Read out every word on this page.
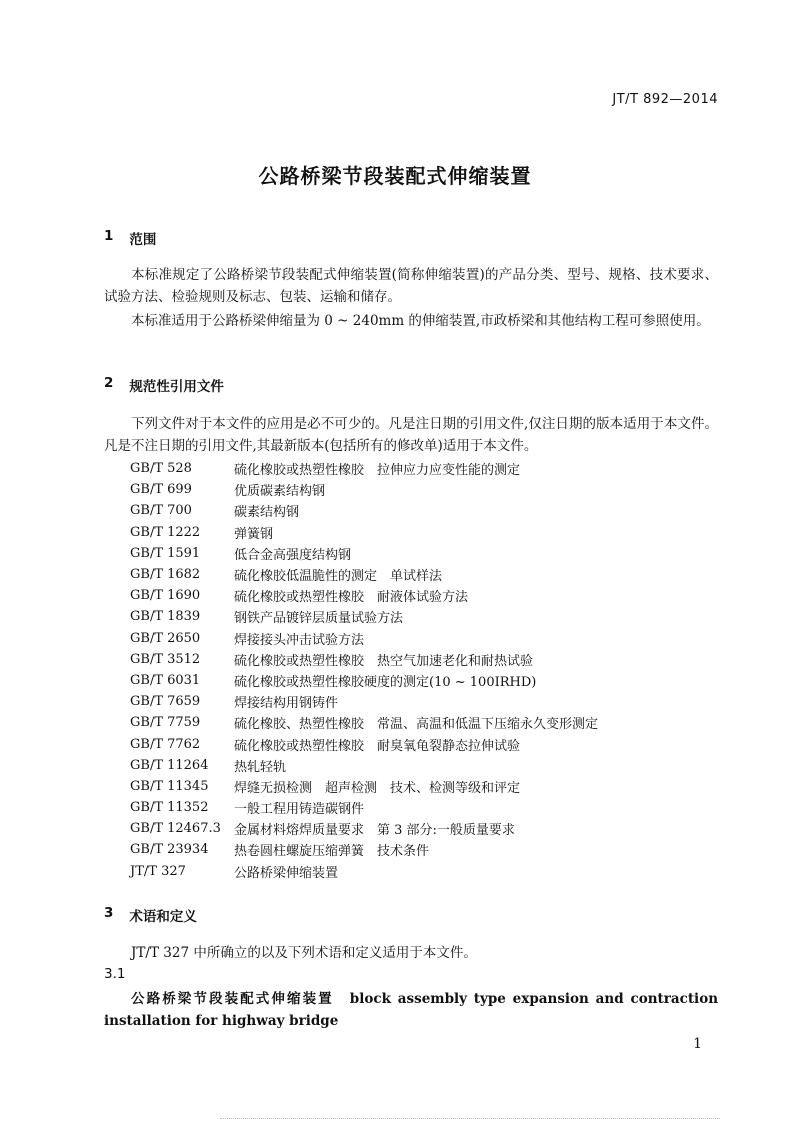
JT/T 892—2014
公路桥梁节段装配式伸缩装置
1 范围

本标准规定了公路桥梁节段装配式伸缩装置(简称伸缩装置)的产品分类、型号、规格、技术要求、试验方法、检验规则及标志、包装、运输和储存。

本标准适用于公路桥梁伸缩量为 0 ~ 240mm 的伸缩装置,市政桥梁和其他结构工程可参照使用。

2 规范性引用文件

下列文件对于本文件的应用是必不可少的。凡是注日期的引用文件,仅注日期的版本适用于本文件。凡是不注日期的引用文件,其最新版本(包括所有的修改单)适用于本文件。

GB/T 528	硫化橡胶或热塑性橡胶　拉伸应力应变性能的测定
GB/T 699	优质碳素结构钢
GB/T 700	碳素结构钢
GB/T 1222	弹簧钢
GB/T 1591	低合金高强度结构钢
GB/T 1682	硫化橡胶低温脆性的测定　单试样法
GB/T 1690	硫化橡胶或热塑性橡胶　耐液体试验方法
GB/T 1839	钢铁产品镀锌层质量试验方法
GB/T 2650	焊接接头冲击试验方法
GB/T 3512	硫化橡胶或热塑性橡胶　热空气加速老化和耐热试验
GB/T 6031	硫化橡胶或热塑性橡胶硬度的测定(10 ~ 100IRHD)
GB/T 7659	焊接结构用钢铸件
GB/T 7759	硫化橡胶、热塑性橡胶　常温、高温和低温下压缩永久变形测定
GB/T 7762	硫化橡胶或热塑性橡胶　耐臭氧龟裂静态拉伸试验
GB/T 11264	热轧轻轨
GB/T 11345	焊缝无损检测　超声检测　技术、检测等级和评定
GB/T 11352	一般工程用铸造碳钢件
GB/T 12467.3	金属材料熔焊质量要求　第 3 部分:一般质量要求
GB/T 23934	热卷圆柱螺旋压缩弹簧　技术条件
JT/T 327	公路桥梁伸缩装置
3 术语和定义

JT/T 327 中所确立的以及下列术语和定义适用于本文件。

3.1

公路桥梁节段装配式伸缩装置 block assembly type expansion and contraction installation for highway bridge

1
